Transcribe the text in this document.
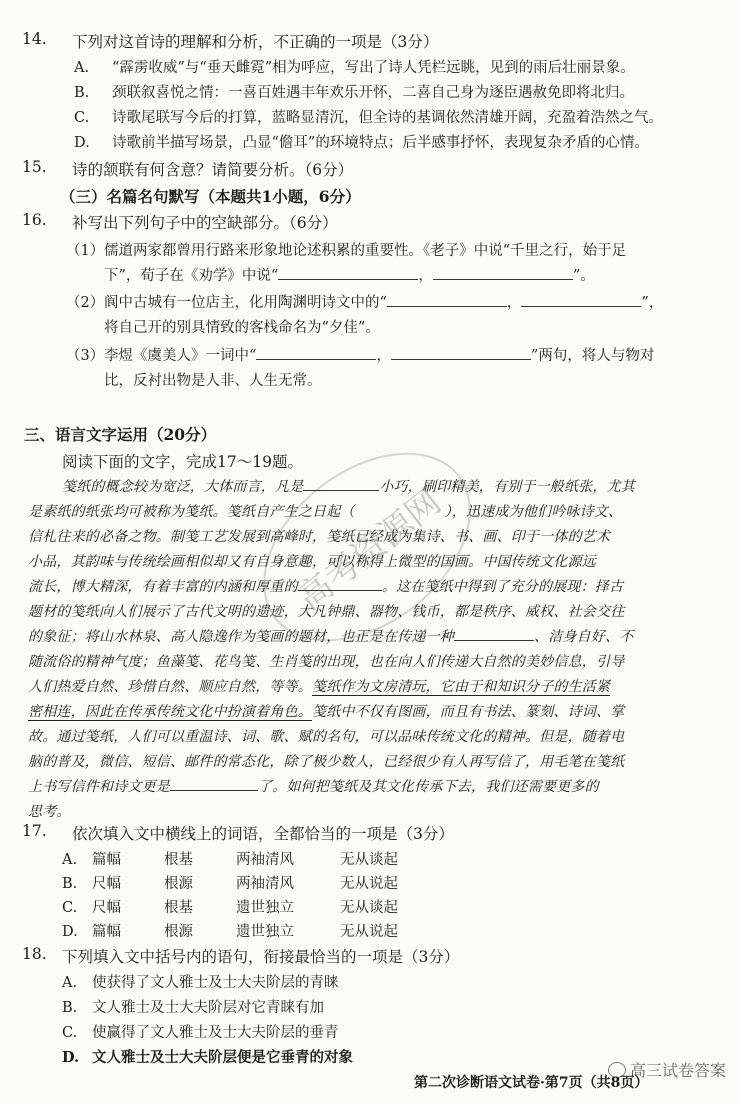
14. 下列对这首诗的理解和分析，不正确的一项是（3分）
A. “霹雳收威”与“垂天雌霓”相为呼应，写出了诗人凭栏远眺，见到的雨后壮丽景象。
B. 颈联叙喜悦之情：一喜百姓遇丰年欢乐开怀，二喜自己身为逐臣遇赦免即将北归。
C. 诗歌尾联写今后的打算，蓝略显清沉，但全诗的基调依然清雄开阔，充盈着浩然之气。
D. 诗歌前半描写场景，凸显“儋耳”的环境特点；后半感事抒怀，表现复杂矛盾的心情。
15. 诗的颔联有何含意？请简要分析。（6分）
（三）名篇名句默写（本题共1小题，6分）
16. 补写出下列句子中的空缺部分。（6分）
（1）儒道两家都曾用行路来形象地论述积累的重要性。《老子》中说“千里之行，始于足
下”，荀子在《劝学》中说“	，	”。
（2）阆中古城有一位店主，化用陶渊明诗文中的“	，	”，
将自己开的别具情致的客栈命名为“夕佳”。
（3）李煜《虞美人》一词中“	，	”两句，将人与物对
比，反衬出物是人非、人生无常。
三、语言文字运用（20分）
阅读下面的文字，完成17～19题。
笺纸的概念较为宽泛，大体而言，凡是	小巧，刷印精美，有别于一般纸张，尤其
是素纸的纸张均可被称为笺纸。笺纸自产生之日起（	），迅速成为他们吟咏诗文、
信札往来的必备之物。制笺工艺发展到高峰时，笺纸已经成为集诗、书、画、印于一体的艺术
小品，其韵味与传统绘画相似却又有自身意趣，可以称得上微型的国画。中国传统文化源远
流长，博大精深，有着丰富的内涵和厚重的	。这在笺纸中得到了充分的展现：择古
题材的笺纸向人们展示了古代文明的遗迹，大凡钟鼎、器物、钱币，都是秩序、威权、社会交往
的象征；将山水林泉、高人隐逸作为笺画的题材，也正是在传递一种	、洁身自好、不
随流俗的精神气度；鱼藻笺、花鸟笺、生肖笺的出现，也在向人们传递大自然的美妙信息，引导
人们热爱自然、珍惜自然、顺应自然，等等。笺纸作为文房清玩，它由于和知识分子的生活紧
密相连，因此在传承传统文化中扮演着角色。笺纸中不仅有图画，而且有书法、篆刻、诗词、掌
故。通过笺纸，人们可以重温诗、词、歌、赋的名句，可以品味传统文化的精神。但是，随着电
脑的普及，微信、短信、邮件的常态化，除了极少数人，已经很少有人再写信了，用毛笔在笺纸
上书写信件和诗文更是	了。如何把笺纸及其文化传承下去，我们还需要更多的
思考。
17. 依次填入文中横线上的词语，全都恰当的一项是（3分）
A. 篇幅	根基	两袖清风	无从谈起
B. 尺幅	根源	两袖清风	无从说起
C. 尺幅	根基	遗世独立	无从谈起
D. 篇幅	根源	遗世独立	无从说起
18. 下列填入文中括号内的语句，衔接最恰当的一项是（3分）
A. 使获得了文人雅士及士大夫阶层的青睐
B. 文人雅士及士大夫阶层对它青睐有加
C. 使赢得了文人雅士及士大夫阶层的垂青
D. 文人雅士及士大夫阶层便是它垂青的对象
高考资源网
高三试卷答案
第二次诊断语文试卷·第7页（共8页）
